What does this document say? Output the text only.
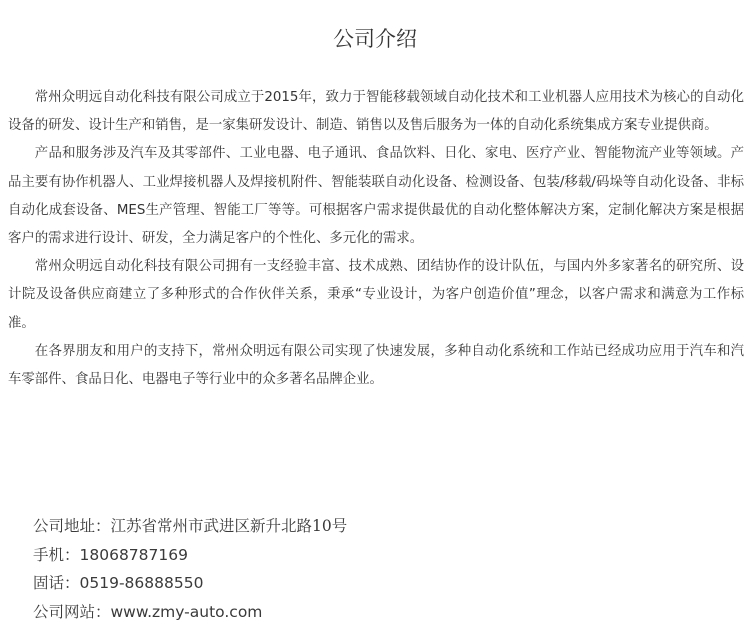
公司介绍

常州众明远自动化科技有限公司成立于2015年，致力于智能移载领域自动化技术和工业机器人应用技术为核心的自动化设备的研发、设计生产和销售，是一家集研发设计、制造、销售以及售后服务为一体的自动化系统集成方案专业提供商。

产品和服务涉及汽车及其零部件、工业电器、电子通讯、食品饮料、日化、家电、医疗产业、智能物流产业等领域。产品主要有协作机器人、工业焊接机器人及焊接机附件、智能装联自动化设备、检测设备、包装/移载/码垛等自动化设备、非标自动化成套设备、MES生产管理、智能工厂等等。可根据客户需求提供最优的自动化整体解决方案，定制化解决方案是根据客户的需求进行设计、研发，全力满足客户的个性化、多元化的需求。

常州众明远自动化科技有限公司拥有一支经验丰富、技术成熟、团结协作的设计队伍，与国内外多家著名的研究所、设计院及设备供应商建立了多种形式的合作伙伴关系，秉承“专业设计，为客户创造价值”理念，以客户需求和满意为工作标准。

在各界朋友和用户的支持下，常州众明远有限公司实现了快速发展，多种自动化系统和工作站已经成功应用于汽车和汽车零部件、食品日化、电器电子等行业中的众多著名品牌企业。

公司地址：江苏省常州市武进区新升北路10号
手机：18068787169
固话：0519-86888550
公司网站：www.zmy-auto.com
